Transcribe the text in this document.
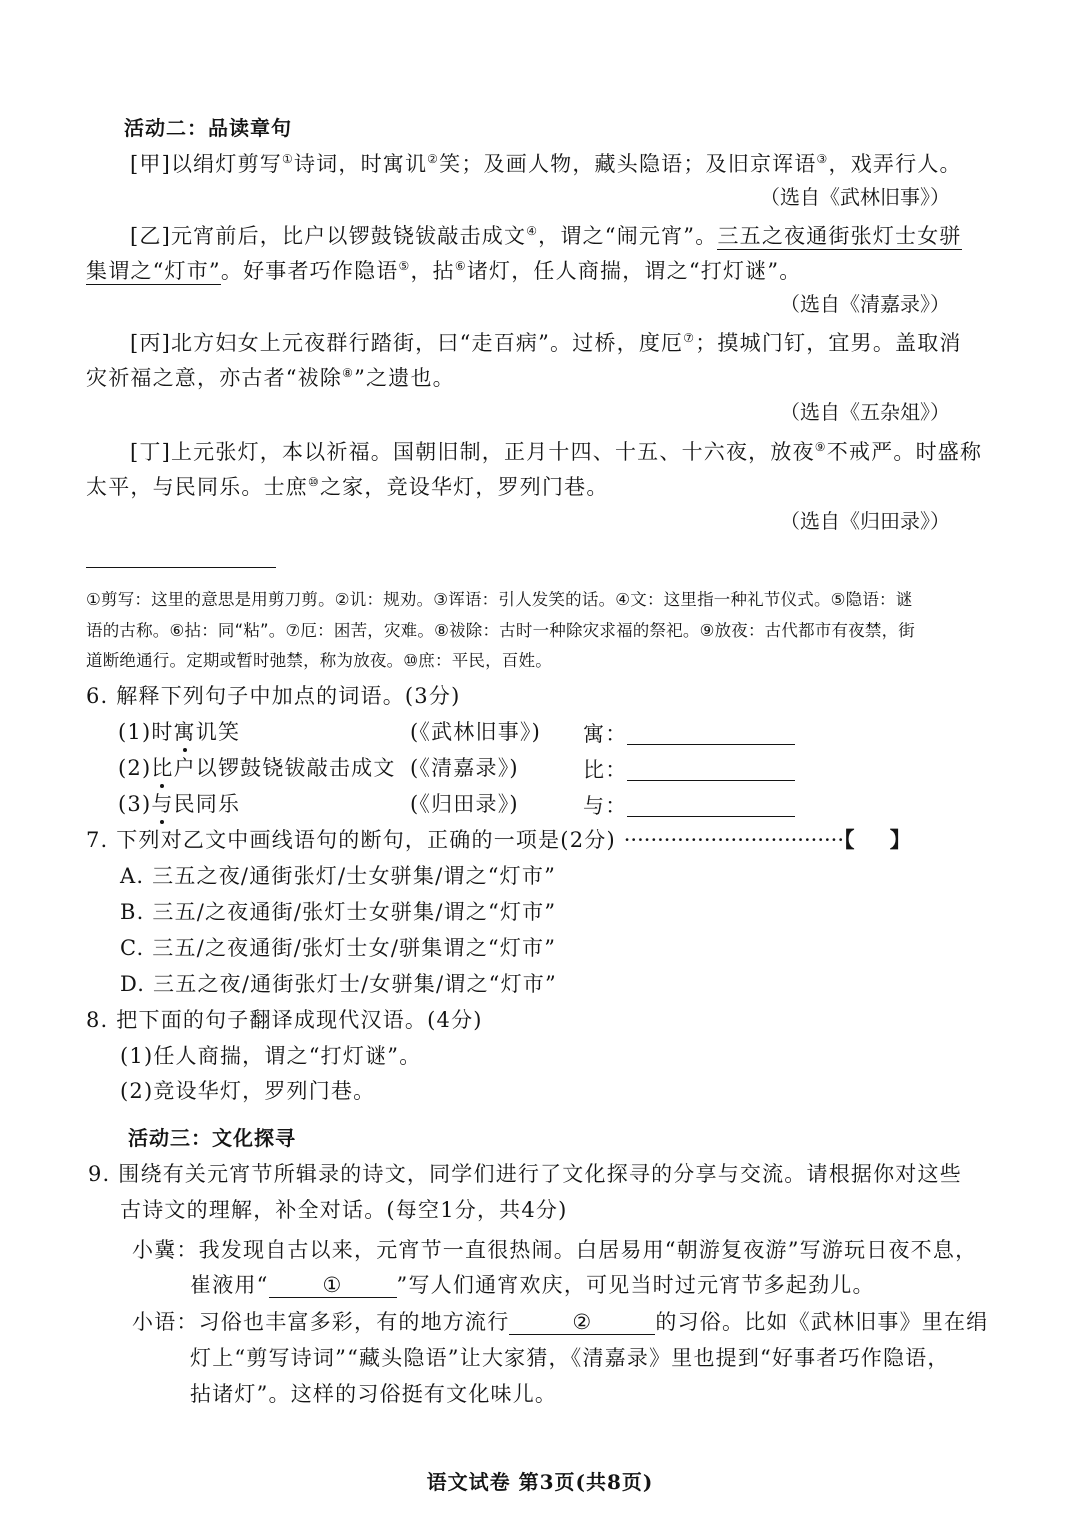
活动二：品读章句
[甲]以绢灯剪写①诗词，时寓讥②笑；及画人物，藏头隐语；及旧京诨语③，戏弄行人。
（选自《武林旧事》）
[乙]元宵前后，比户以锣鼓铙钹敲击成文④，谓之“闹元宵”。三五之夜通街张灯士女骈
集谓之“灯市”。好事者巧作隐语⑤，拈⑥诸灯，任人商揣，谓之“打灯谜”。
（选自《清嘉录》）
[丙]北方妇女上元夜群行踏街，曰“走百病”。过桥，度厄⑦；摸城门钉，宜男。盖取消
灾祈福之意，亦古者“祓除⑧”之遗也。
（选自《五杂俎》）
[丁]上元张灯，本以祈福。国朝旧制，正月十四、十五、十六夜，放夜⑨不戒严。时盛称
太平，与民同乐。士庶⑩之家，竞设华灯，罗列门巷。
（选自《归田录》）
①剪写：这里的意思是用剪刀剪。②讥：规劝。③诨语：引人发笑的话。④文：这里指一种礼节仪式。⑤隐语：谜
语的古称。⑥拈：同“粘”。⑦厄：困苦，灾难。⑧祓除：古时一种除灾求福的祭祀。⑨放夜：古代都市有夜禁，街
道断绝通行。定期或暂时弛禁，称为放夜。⑩庶：平民，百姓。
6. 解释下列句子中加点的词语。(3分)
(1)时寓讥笑	(《武林旧事》) 寓：
(2)比户以锣鼓铙钹敲击成文 (《清嘉录》)	比：
(3)与民同乐	(《归田录》)	与：
7. 下列对乙文中画线语句的断句，正确的一项是(2分) ·································【 】
A. 三五之夜/通街张灯/士女骈集/谓之“灯市”
B. 三五/之夜通街/张灯士女骈集/谓之“灯市”
C. 三五/之夜通街/张灯士女/骈集谓之“灯市”
D. 三五之夜/通街张灯士/女骈集/谓之“灯市”
8. 把下面的句子翻译成现代汉语。(4分)
(1)任人商揣，谓之“打灯谜”。
(2)竞设华灯，罗列门巷。
活动三：文化探寻
9. 围绕有关元宵节所辑录的诗文，同学们进行了文化探寻的分享与交流。请根据你对这些
古诗文的理解，补全对话。(每空1分，共4分)
小冀：我发现自古以来，元宵节一直很热闹。白居易用“朝游复夜游”写游玩日夜不息，
崔液用“	①	”写人们通宵欢庆，可见当时过元宵节多起劲儿。
小语：习俗也丰富多彩，有的地方流行	②	的习俗。比如《武林旧事》里在绢
灯上“剪写诗词”“藏头隐语”让大家猜，《清嘉录》里也提到“好事者巧作隐语，
拈诸灯”。这样的习俗挺有文化味儿。
语文试卷 第3页(共8页)
